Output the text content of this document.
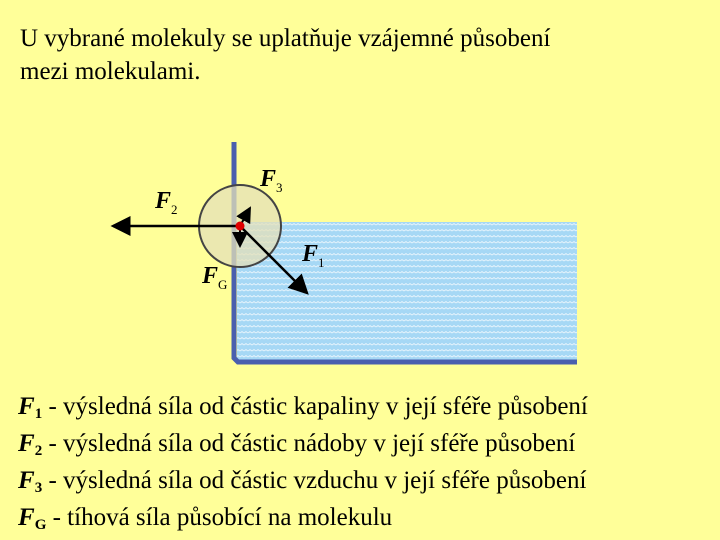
U vybrané molekuly se uplatňuje vzájemné působení
mezi molekulami.
$F_3$
$F_2$
$F_1$
$F_G$
$F_1$ - výsledná síla od částic kapaliny v její sféře působení
$F_2$ - výsledná síla od částic nádoby v její sféře působení
$F_3$ - výsledná síla od částic vzduchu v její sféře působení
$F_G$ - tíhová síla působící na molekulu
